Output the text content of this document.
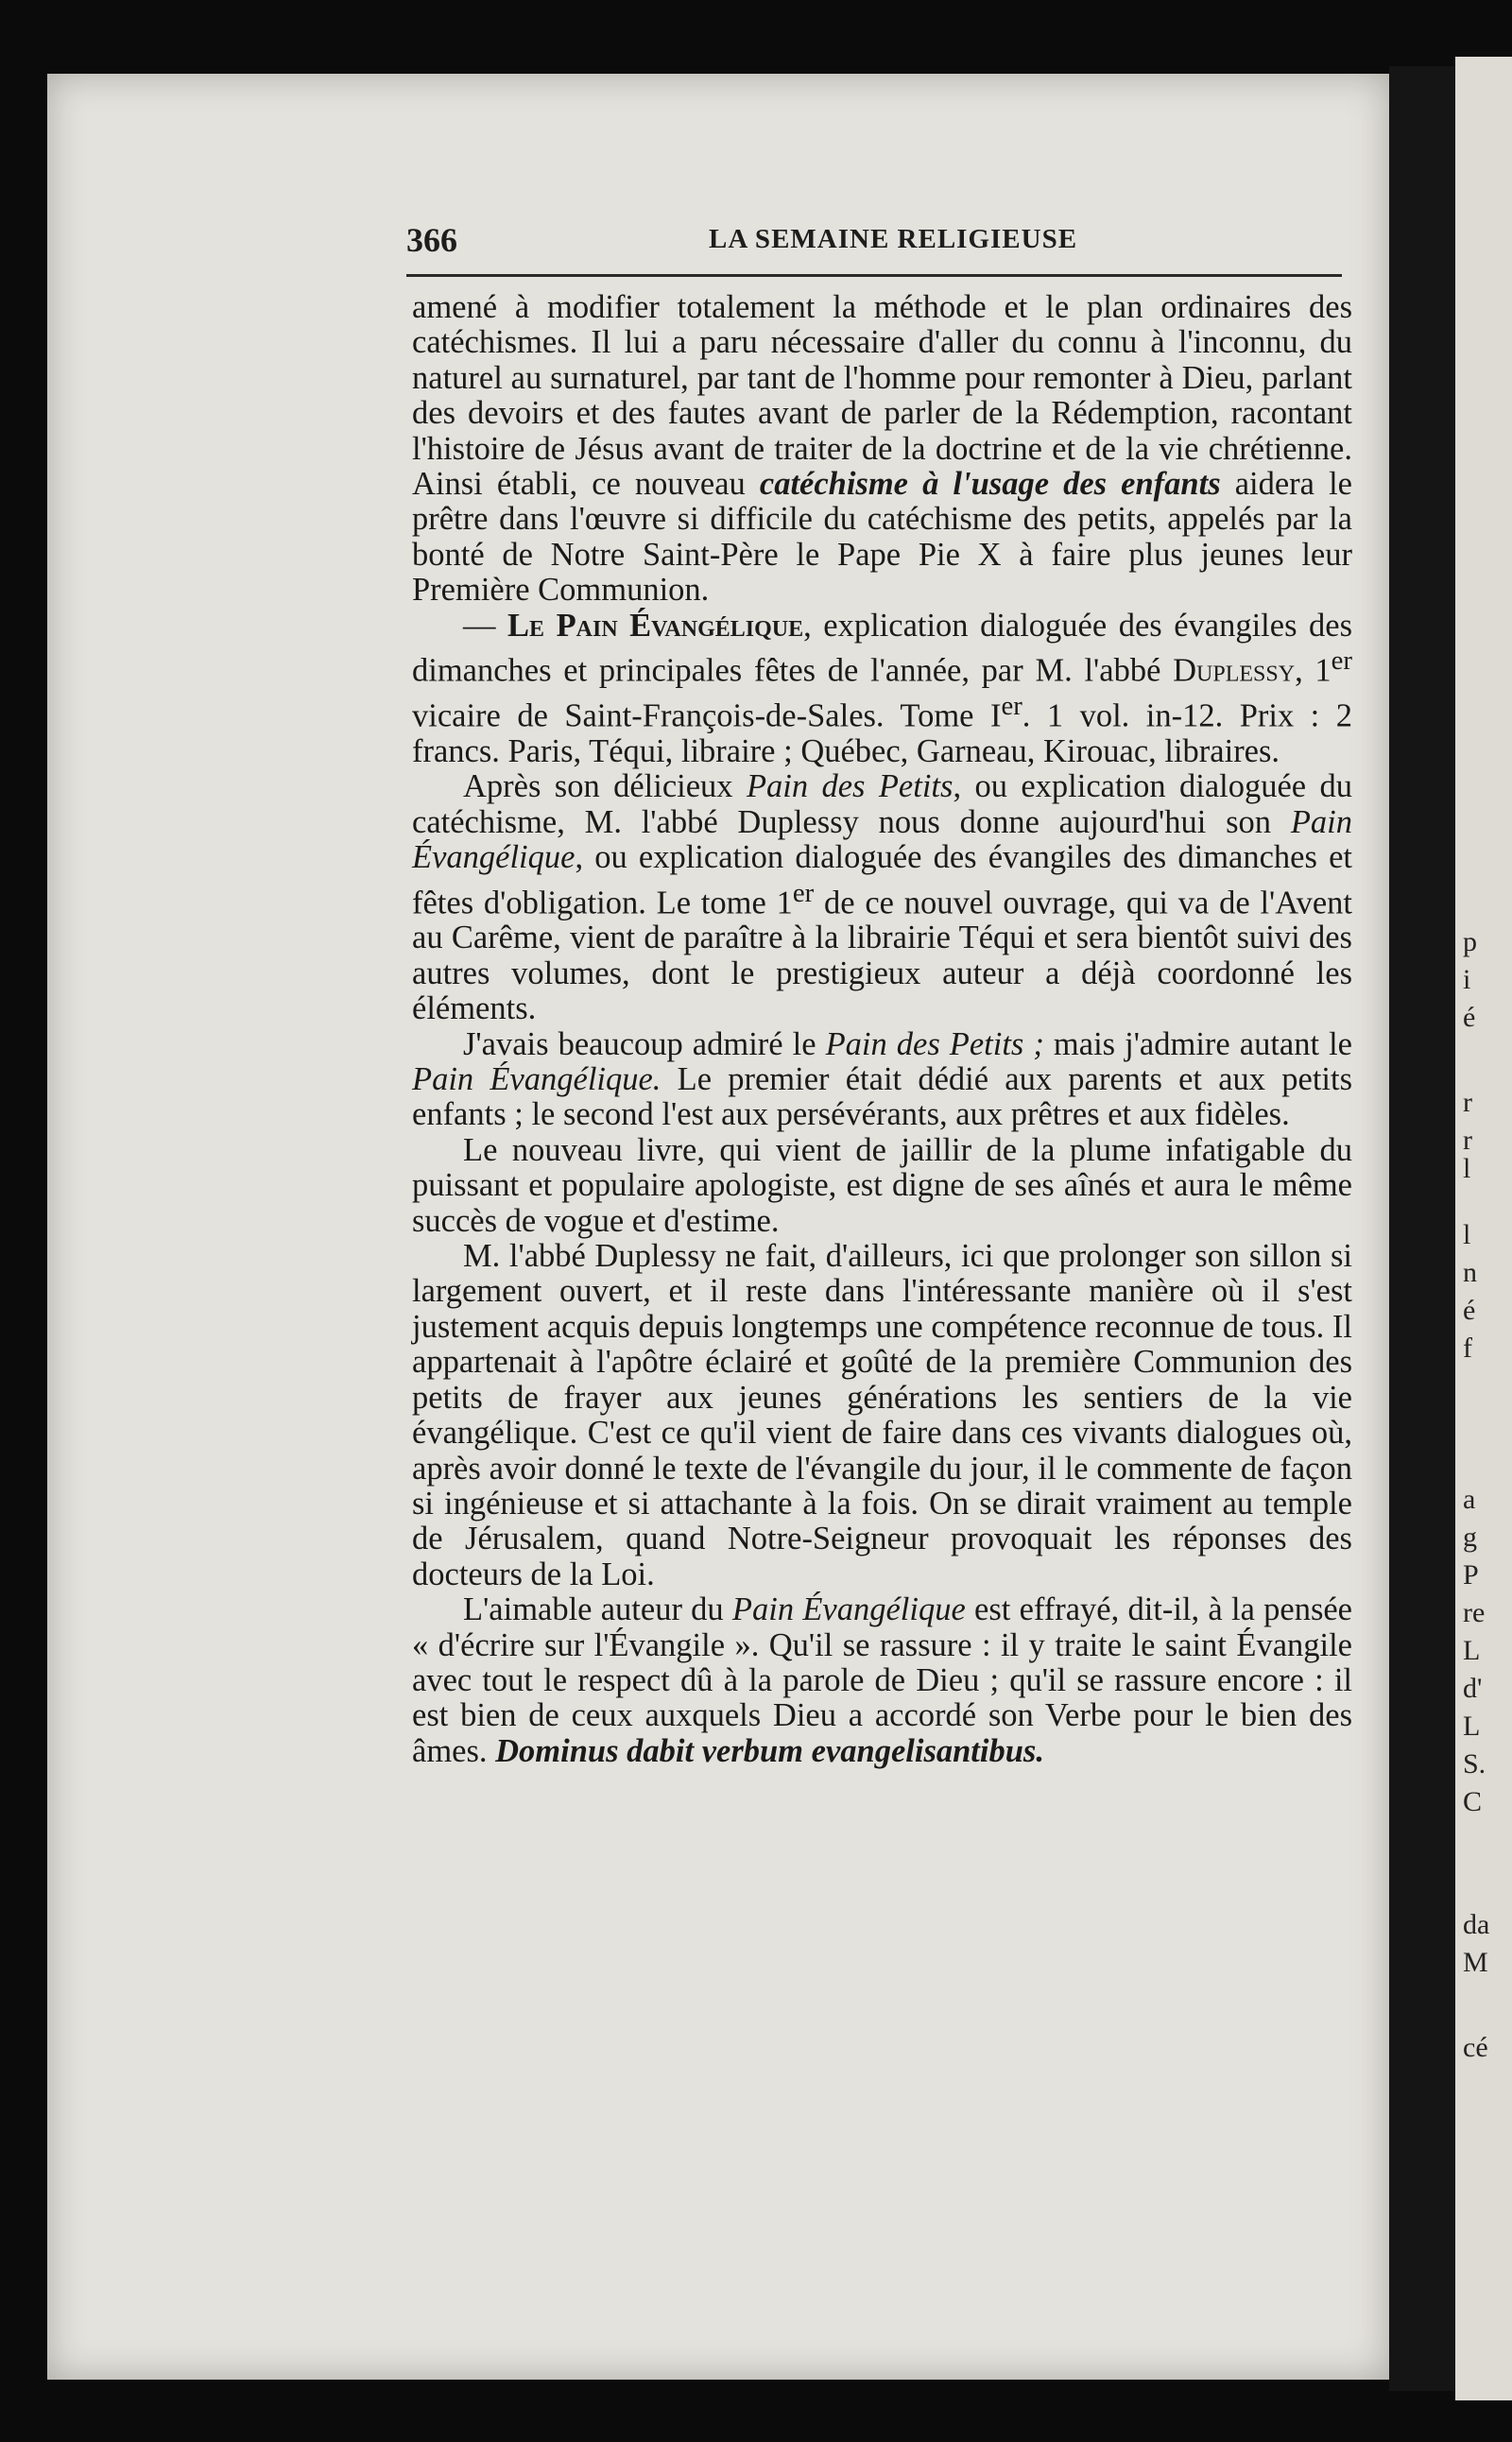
p
i
é
r
r
l
l
n
é
f
a
g
P
re
L
d'
L
S.
C
da
M
cé
366	LA SEMAINE RELIGIEUSE

amené à modifier totalement la méthode et le plan ordinaires des catéchismes. Il lui a paru nécessaire d'aller du connu à l'inconnu, du naturel au surnaturel, par tant de l'homme pour remonter à Dieu, parlant des devoirs et des fautes avant de parler de la Rédemption, racontant l'histoire de Jésus avant de traiter de la doctrine et de la vie chrétienne. Ainsi établi, ce nouveau catéchisme à l'usage des enfants aidera le prêtre dans l'œuvre si difficile du catéchisme des petits, appelés par la bonté de Notre Saint-Père le Pape Pie X à faire plus jeunes leur Première Communion.

— Le Pain Évangélique, explication dialoguée des évangiles des dimanches et principales fêtes de l'année, par M. l'abbé Duplessy, 1er vicaire de Saint-François-de-Sales. Tome Ier. 1 vol. in-12. Prix : 2 francs. Paris, Téqui, libraire ; Québec, Garneau, Kirouac, libraires.

Après son délicieux Pain des Petits, ou explication dialoguée du catéchisme, M. l'abbé Duplessy nous donne aujourd'hui son Pain Évangélique, ou explication dialoguée des évangiles des dimanches et fêtes d'obligation. Le tome 1er de ce nouvel ouvrage, qui va de l'Avent au Carême, vient de paraître à la librairie Téqui et sera bientôt suivi des autres volumes, dont le prestigieux auteur a déjà coordonné les éléments.

J'avais beaucoup admiré le Pain des Petits ; mais j'admire autant le Pain Évangélique. Le premier était dédié aux parents et aux petits enfants ; le second l'est aux persévérants, aux prêtres et aux fidèles.

Le nouveau livre, qui vient de jaillir de la plume infatigable du puissant et populaire apologiste, est digne de ses aînés et aura le même succès de vogue et d'estime.

M. l'abbé Duplessy ne fait, d'ailleurs, ici que prolonger son sillon si largement ouvert, et il reste dans l'intéressante manière où il s'est justement acquis depuis longtemps une compétence reconnue de tous. Il appartenait à l'apôtre éclairé et goûté de la première Communion des petits de frayer aux jeunes générations les sentiers de la vie évangélique. C'est ce qu'il vient de faire dans ces vivants dialogues où, après avoir donné le texte de l'évangile du jour, il le commente de façon si ingénieuse et si attachante à la fois. On se dirait vraiment au temple de Jérusalem, quand Notre-Seigneur provoquait les réponses des docteurs de la Loi.

L'aimable auteur du Pain Évangélique est effrayé, dit-il, à la pensée « d'écrire sur l'Évangile ». Qu'il se rassure : il y traite le saint Évangile avec tout le respect dû à la parole de Dieu ; qu'il se rassure encore : il est bien de ceux auxquels Dieu a accordé son Verbe pour le bien des âmes. Dominus dabit verbum evangelisantibus.
